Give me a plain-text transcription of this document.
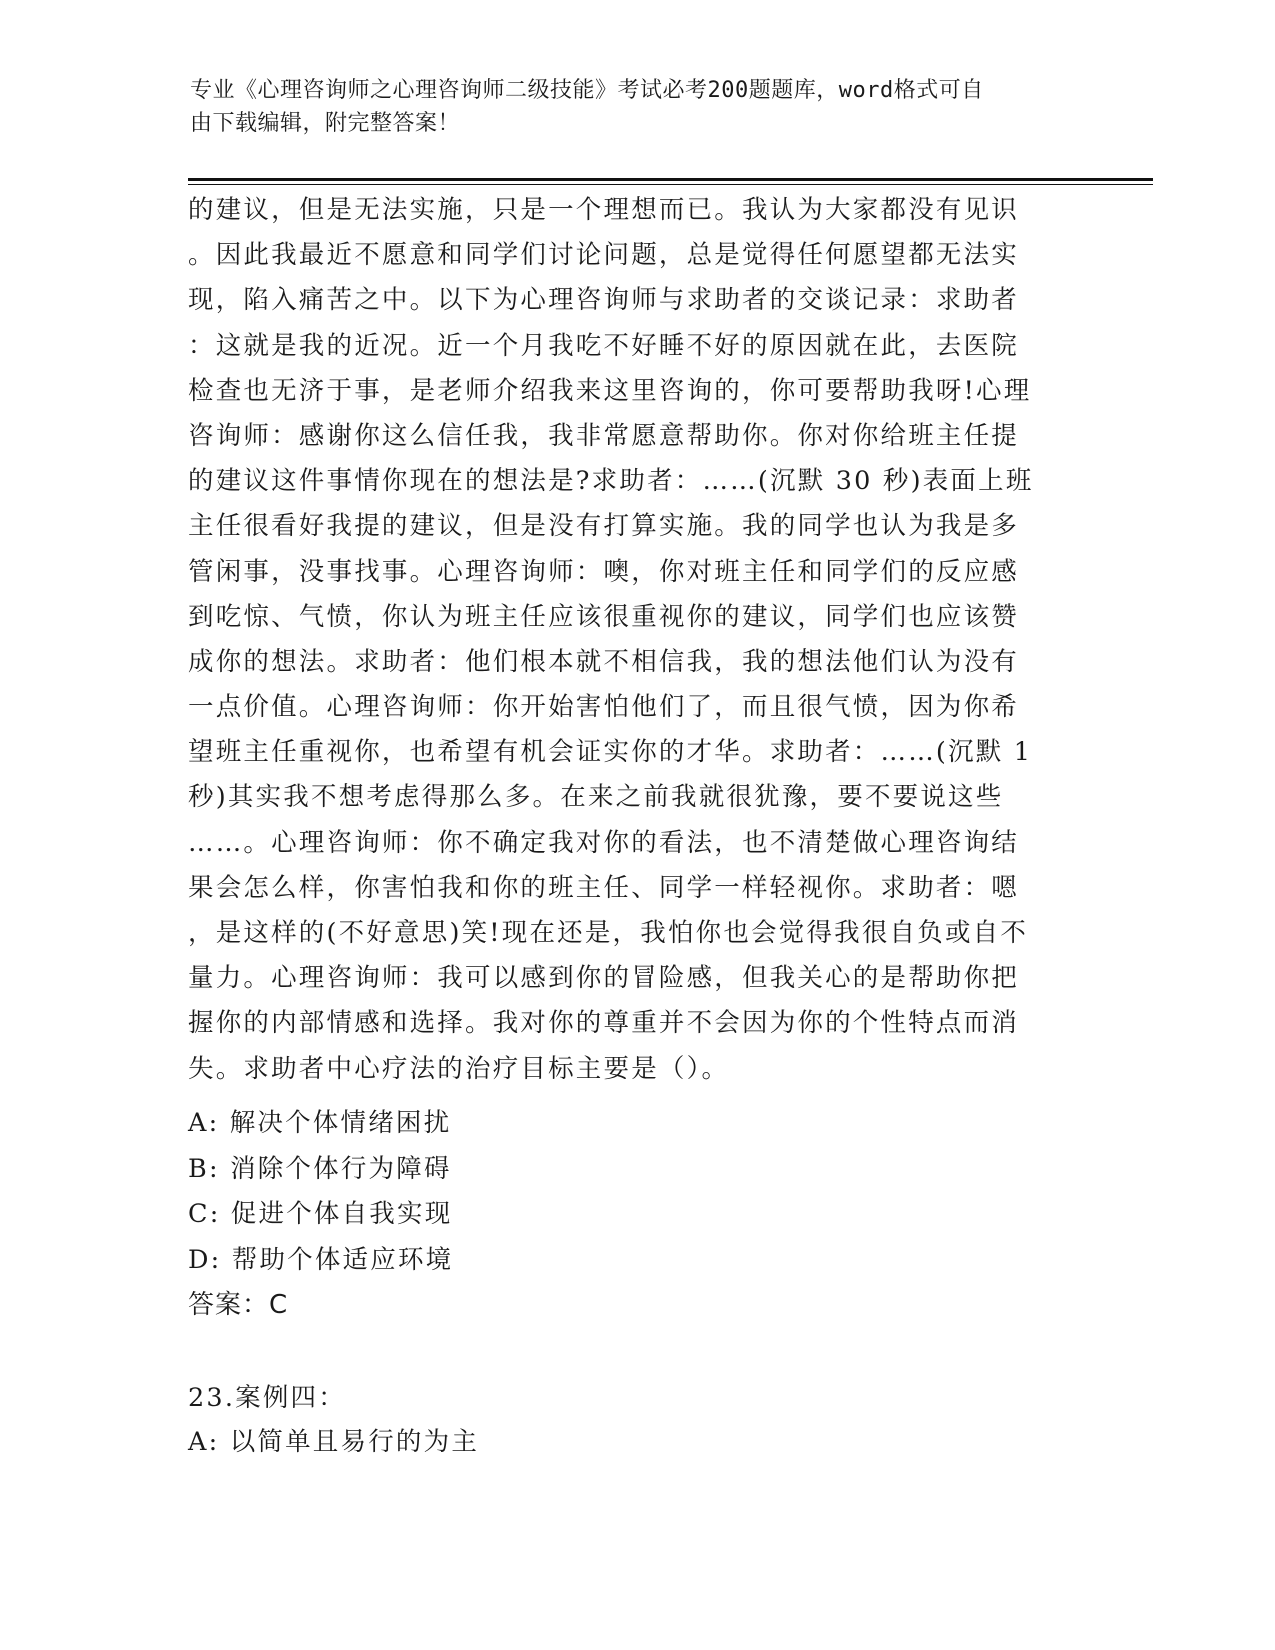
专业《心理咨询师之心理咨询师二级技能》考试必考200题题库，word格式可自
由下载编辑，附完整答案！
的建议，但是无法实施，只是一个理想而已。我认为大家都没有见识
。因此我最近不愿意和同学们讨论问题，总是觉得任何愿望都无法实
现，陷入痛苦之中。以下为心理咨询师与求助者的交谈记录：求助者
：这就是我的近况。近一个月我吃不好睡不好的原因就在此，去医院
检查也无济于事，是老师介绍我来这里咨询的，你可要帮助我呀!心理
咨询师：感谢你这么信任我，我非常愿意帮助你。你对你给班主任提
的建议这件事情你现在的想法是?求助者：……(沉默 30 秒)表面上班
主任很看好我提的建议，但是没有打算实施。我的同学也认为我是多
管闲事，没事找事。心理咨询师：噢，你对班主任和同学们的反应感
到吃惊、气愤，你认为班主任应该很重视你的建议，同学们也应该赞
成你的想法。求助者：他们根本就不相信我，我的想法他们认为没有
一点价值。心理咨询师：你开始害怕他们了，而且很气愤，因为你希
望班主任重视你，也希望有机会证实你的才华。求助者：……(沉默 1
秒)其实我不想考虑得那么多。在来之前我就很犹豫，要不要说这些
……。心理咨询师：你不确定我对你的看法，也不清楚做心理咨询结
果会怎么样，你害怕我和你的班主任、同学一样轻视你。求助者：嗯
，是这样的(不好意思)笑!现在还是，我怕你也会觉得我很自负或自不
量力。心理咨询师：我可以感到你的冒险感，但我关心的是帮助你把
握你的内部情感和选择。我对你的尊重并不会因为你的个性特点而消
失。求助者中心疗法的治疗目标主要是（）。
A: 解决个体情绪困扰
B: 消除个体行为障碍
C: 促进个体自我实现
D: 帮助个体适应环境
答案：C
23.案例四：
A: 以简单且易行的为主
